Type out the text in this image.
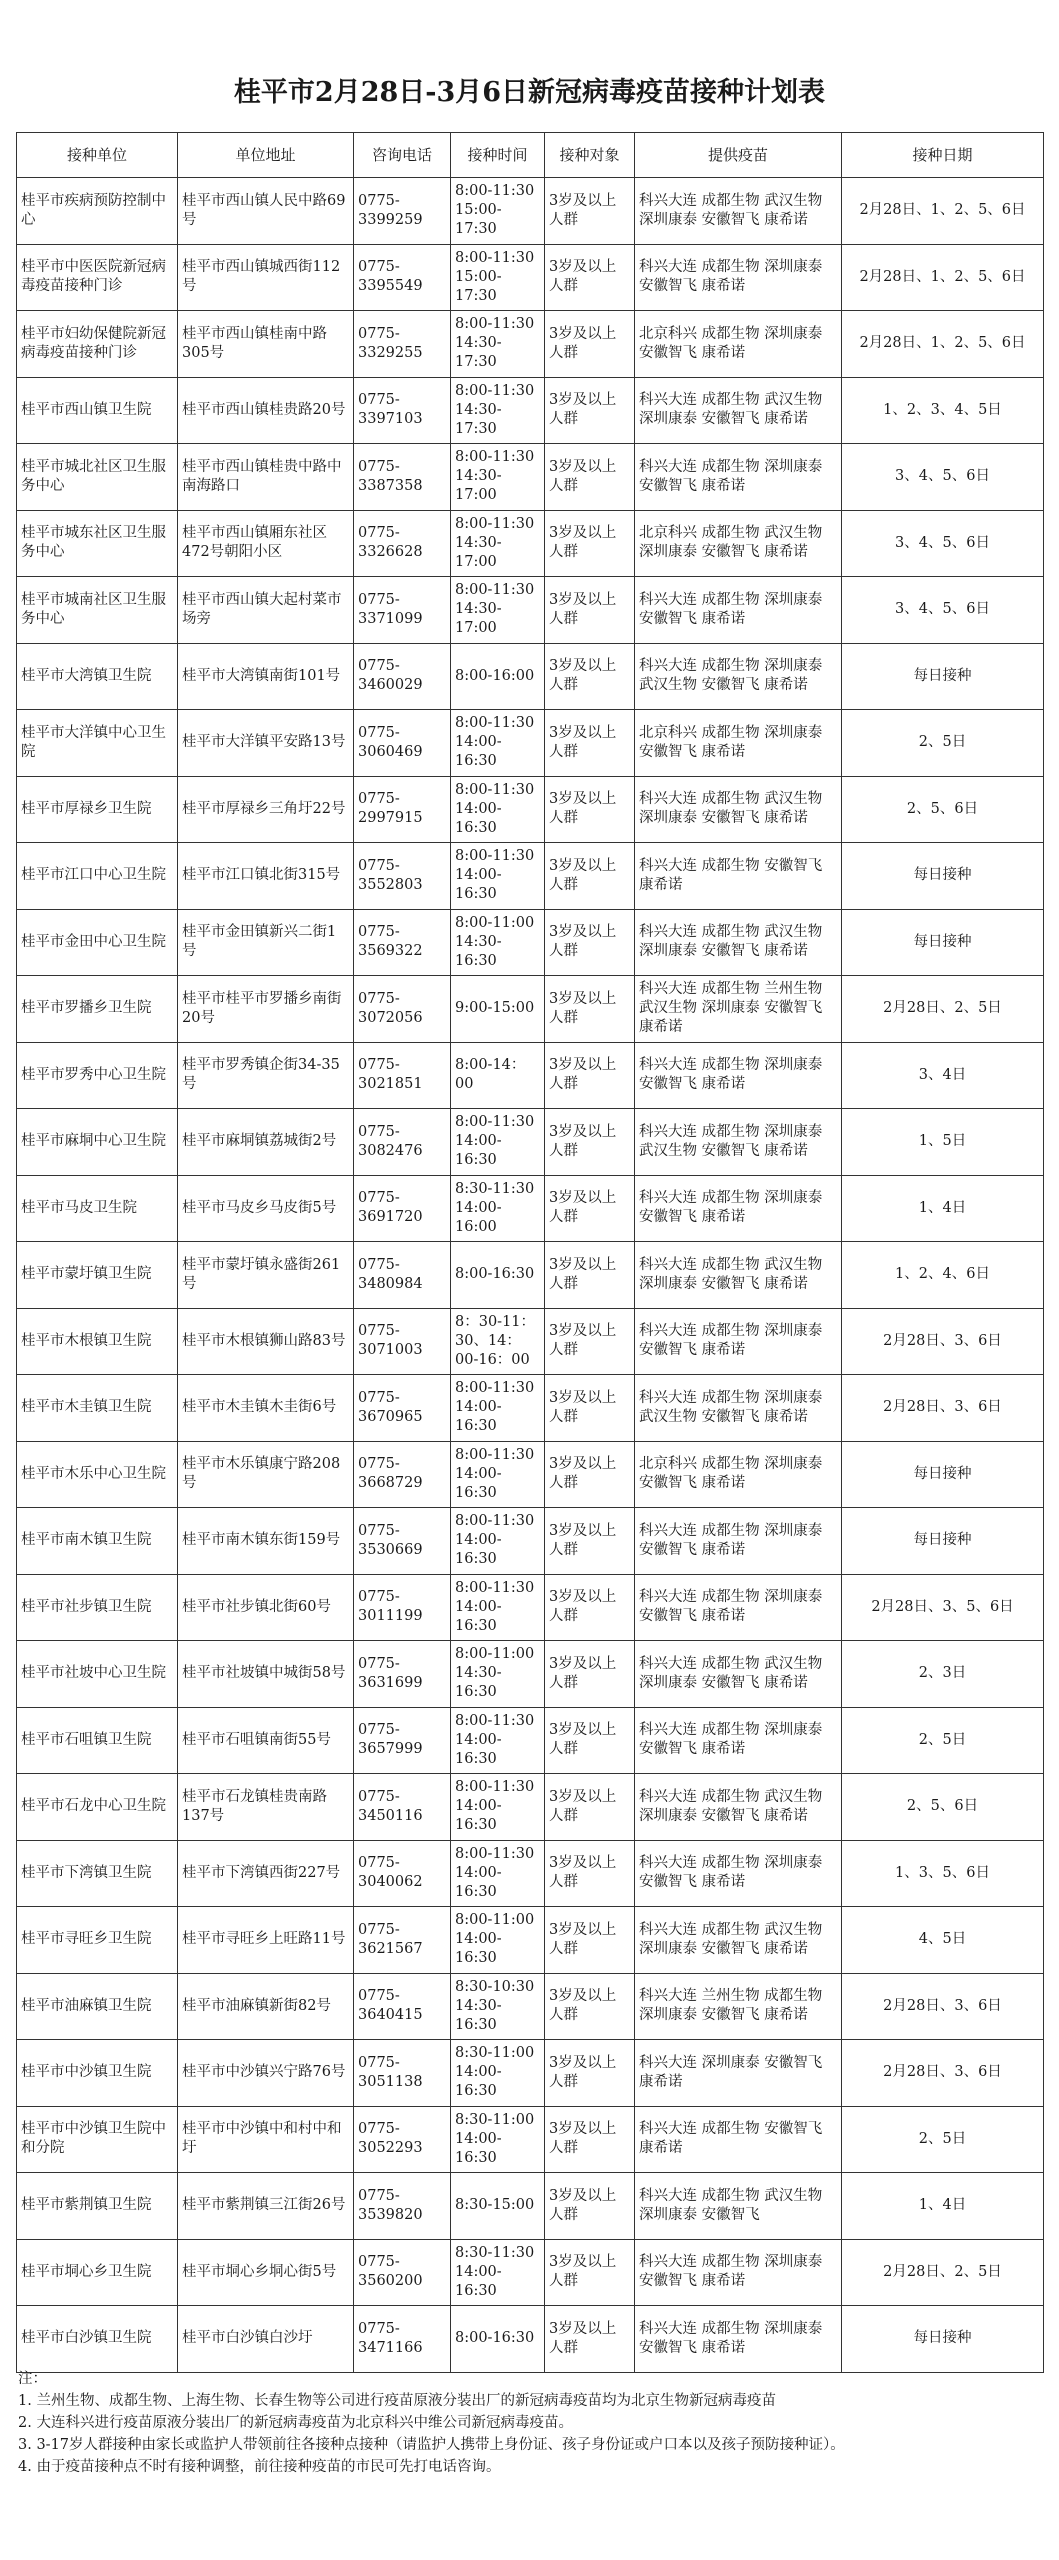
桂平市2月28日-3月6日新冠病毒疫苗接种计划表
接种单位	单位地址	咨询电话	接种时间	接种对象	提供疫苗	接种日期
桂平市疾病预防控制中心	桂平市西山镇人民中路69号	0775-3399259	8:00-11:30 15:00-17:30	3岁及以上人群	科兴大连 成都生物 武汉生物 深圳康泰 安徽智飞 康希诺	2月28日、1、2、5、6日
桂平市中医医院新冠病毒疫苗接种门诊	桂平市西山镇城西街112号	0775-3395549	8:00-11:30 15:00-17:30	3岁及以上人群	科兴大连 成都生物 深圳康泰 安徽智飞 康希诺	2月28日、1、2、5、6日
桂平市妇幼保健院新冠病毒疫苗接种门诊	桂平市西山镇桂南中路305号	0775-3329255	8:00-11:30 14:30-17:30	3岁及以上人群	北京科兴 成都生物 深圳康泰 安徽智飞 康希诺	2月28日、1、2、5、6日
桂平市西山镇卫生院	桂平市西山镇桂贵路20号	0775-3397103	8:00-11:30 14:30-17:30	3岁及以上人群	科兴大连 成都生物 武汉生物 深圳康泰 安徽智飞 康希诺	1、2、3、4、5日
桂平市城北社区卫生服务中心	桂平市西山镇桂贵中路中南海路口	0775-3387358	8:00-11:30 14:30-17:00	3岁及以上人群	科兴大连 成都生物 深圳康泰 安徽智飞 康希诺	3、4、5、6日
桂平市城东社区卫生服务中心	桂平市西山镇厢东社区472号朝阳小区	0775-3326628	8:00-11:30 14:30-17:00	3岁及以上人群	北京科兴 成都生物 武汉生物 深圳康泰 安徽智飞 康希诺	3、4、5、6日
桂平市城南社区卫生服务中心	桂平市西山镇大起村菜市场旁	0775-3371099	8:00-11:30 14:30-17:00	3岁及以上人群	科兴大连 成都生物 深圳康泰 安徽智飞 康希诺	3、4、5、6日
桂平市大湾镇卫生院	桂平市大湾镇南街101号	0775-3460029	8:00-16:00	3岁及以上人群	科兴大连 成都生物 深圳康泰 武汉生物 安徽智飞 康希诺	每日接种
桂平市大洋镇中心卫生院	桂平市大洋镇平安路13号	0775-3060469	8:00-11:30 14:00-16:30	3岁及以上人群	北京科兴 成都生物 深圳康泰 安徽智飞 康希诺	2、5日
桂平市厚禄乡卫生院	桂平市厚禄乡三角圩22号	0775-2997915	8:00-11:30 14:00-16:30	3岁及以上人群	科兴大连 成都生物 武汉生物 深圳康泰 安徽智飞 康希诺	2、5、6日
桂平市江口中心卫生院	桂平市江口镇北街315号	0775-3552803	8:00-11:30 14:00-16:30	3岁及以上人群	科兴大连 成都生物 安徽智飞 康希诺	每日接种
桂平市金田中心卫生院	桂平市金田镇新兴二街1号	0775-3569322	8:00-11:00 14:30-16:30	3岁及以上人群	科兴大连 成都生物 武汉生物 深圳康泰 安徽智飞 康希诺	每日接种
桂平市罗播乡卫生院	桂平市桂平市罗播乡南街20号	0775-3072056	9:00-15:00	3岁及以上人群	科兴大连 成都生物 兰州生物 武汉生物 深圳康泰 安徽智飞 康希诺	2月28日、2、5日
桂平市罗秀中心卫生院	桂平市罗秀镇企街34-35号	0775-3021851	8:00-14：00	3岁及以上人群	科兴大连 成都生物 深圳康泰 安徽智飞 康希诺	3、4日
桂平市麻垌中心卫生院	桂平市麻垌镇荔城街2号	0775-3082476	8:00-11:30 14:00-16:30	3岁及以上人群	科兴大连 成都生物 深圳康泰 武汉生物 安徽智飞 康希诺	1、5日
桂平市马皮卫生院	桂平市马皮乡马皮街5号	0775-3691720	8:30-11:30 14:00-16:00	3岁及以上人群	科兴大连 成都生物 深圳康泰 安徽智飞 康希诺	1、4日
桂平市蒙圩镇卫生院	桂平市蒙圩镇永盛街261号	0775-3480984	8:00-16:30	3岁及以上人群	科兴大连 成都生物 武汉生物 深圳康泰 安徽智飞 康希诺	1、2、4、6日
桂平市木根镇卫生院	桂平市木根镇狮山路83号	0775-3071003	8：30-11：30、14：00-16：00	3岁及以上人群	科兴大连 成都生物 深圳康泰 安徽智飞 康希诺	2月28日、3、6日
桂平市木圭镇卫生院	桂平市木圭镇木圭街6号	0775-3670965	8:00-11:30 14:00-16:30	3岁及以上人群	科兴大连 成都生物 深圳康泰 武汉生物 安徽智飞 康希诺	2月28日、3、6日
桂平市木乐中心卫生院	桂平市木乐镇康宁路208号	0775-3668729	8:00-11:30 14:00-16:30	3岁及以上人群	北京科兴 成都生物 深圳康泰 安徽智飞 康希诺	每日接种
桂平市南木镇卫生院	桂平市南木镇东街159号	0775-3530669	8:00-11:30 14:00-16:30	3岁及以上人群	科兴大连 成都生物 深圳康泰 安徽智飞 康希诺	每日接种
桂平市社步镇卫生院	桂平市社步镇北街60号	0775-3011199	8:00-11:30 14:00-16:30	3岁及以上人群	科兴大连 成都生物 深圳康泰 安徽智飞 康希诺	2月28日、3、5、6日
桂平市社坡中心卫生院	桂平市社坡镇中城街58号	0775-3631699	8:00-11:00 14:30-16:30	3岁及以上人群	科兴大连 成都生物 武汉生物 深圳康泰 安徽智飞 康希诺	2、3日
桂平市石咀镇卫生院	桂平市石咀镇南街55号	0775-3657999	8:00-11:30 14:00-16:30	3岁及以上人群	科兴大连 成都生物 深圳康泰 安徽智飞 康希诺	2、5日
桂平市石龙中心卫生院	桂平市石龙镇桂贵南路137号	0775-3450116	8:00-11:30 14:00-16:30	3岁及以上人群	科兴大连 成都生物 武汉生物 深圳康泰 安徽智飞 康希诺	2、5、6日
桂平市下湾镇卫生院	桂平市下湾镇西街227号	0775-3040062	8:00-11:30 14:00-16:30	3岁及以上人群	科兴大连 成都生物 深圳康泰 安徽智飞 康希诺	1、3、5、6日
桂平市寻旺乡卫生院	桂平市寻旺乡上旺路11号	0775-3621567	8:00-11:00 14:00-16:30	3岁及以上人群	科兴大连 成都生物 武汉生物 深圳康泰 安徽智飞 康希诺	4、5日
桂平市油麻镇卫生院	桂平市油麻镇新街82号	0775-3640415	8:30-10:30 14:30-16:30	3岁及以上人群	科兴大连 兰州生物 成都生物 深圳康泰 安徽智飞 康希诺	2月28日、3、6日
桂平市中沙镇卫生院	桂平市中沙镇兴宁路76号	0775-3051138	8:30-11:00 14:00-16:30	3岁及以上人群	科兴大连 深圳康泰 安徽智飞 康希诺	2月28日、3、6日
桂平市中沙镇卫生院中和分院	桂平市中沙镇中和村中和圩	0775-3052293	8:30-11:00 14:00-16:30	3岁及以上人群	科兴大连 成都生物 安徽智飞 康希诺	2、5日
桂平市紫荆镇卫生院	桂平市紫荆镇三江街26号	0775-3539820	8:30-15:00	3岁及以上人群	科兴大连 成都生物 武汉生物 深圳康泰 安徽智飞	1、4日
桂平市垌心乡卫生院	桂平市垌心乡垌心街5号	0775-3560200	8:30-11:30 14:00-16:30	3岁及以上人群	科兴大连 成都生物 深圳康泰 安徽智飞 康希诺	2月28日、2、5日
桂平市白沙镇卫生院	桂平市白沙镇白沙圩	0775-3471166	8:00-16:30	3岁及以上人群	科兴大连 成都生物 深圳康泰 安徽智飞 康希诺	每日接种

注：

1. 兰州生物、成都生物、上海生物、长春生物等公司进行疫苗原液分装出厂的新冠病毒疫苗均为北京生物新冠病毒疫苗

2. 大连科兴进行疫苗原液分装出厂的新冠病毒疫苗为北京科兴中维公司新冠病毒疫苗。

3. 3-17岁人群接种由家长或监护人带领前往各接种点接种（请监护人携带上身份证、孩子身份证或户口本以及孩子预防接种证）。

4. 由于疫苗接种点不时有接种调整，前往接种疫苗的市民可先打电话咨询。
